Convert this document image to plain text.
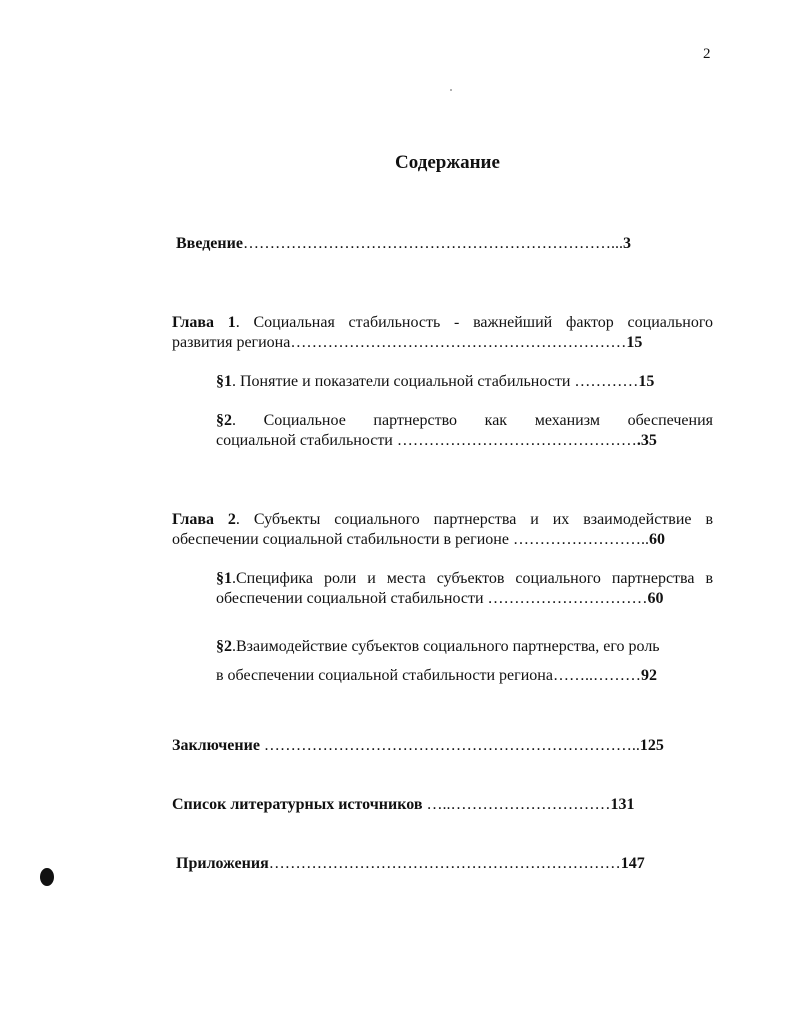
2
Содержание
Введение……………………………………………………………...3
Глава 1. Социальная стабильность - важнейший фактор социального
развития региона………………………………………………………15
§1. Понятие и показатели социальной стабильности …………15
§2. Социальное партнерство как механизм обеспечения
социальной стабильности ……………………………………….35
Глава 2. Субъекты социального партнерства и их взаимодействие в
обеспечении социальной стабильности в регионе ……………………..60
§1.Специфика роли и места субъектов социального партнерства в
обеспечении социальной стабильности …………………………60
§2.Взаимодействие субъектов социального партнерства, его роль
в обеспечении социальной стабильности региона……..………92
Заключение ……………………………………………………………..125
Список литературных источников …..…………………………131
Приложения…………………………………………………………147
